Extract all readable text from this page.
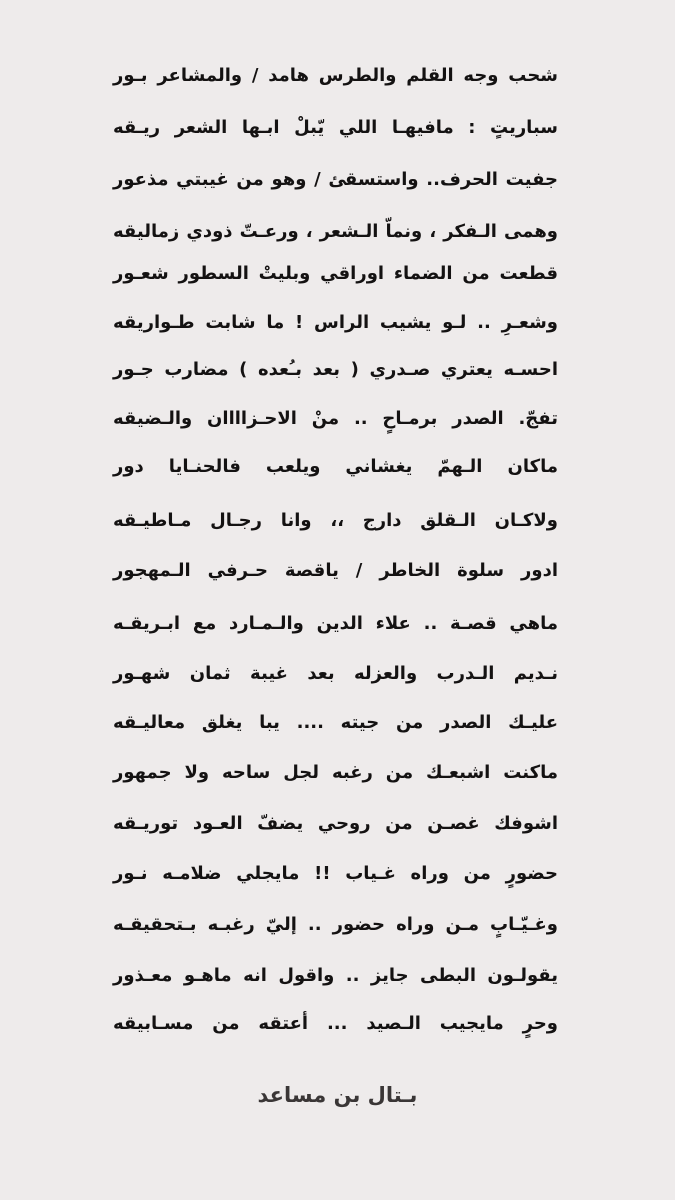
شحب وجه القلم والطرس هامد / والمشاعر بـور
سباريتٍ : مافيهـا اللي يّبلْ ابـها الشعر ريـقه
جفيت الحرف.. واستسقئ / وهو من غيبتي مذعور
وهمى الـفكر ، ونماّ الـشعر ، ورعـتّ ذودي زماليقه
قطعت من الضماء اوراقي وبليتْ السطور شعـور
وشعـرِ .. لـو يشيب الراس ! ما شابت طـواريقه
احسـه يعتري صـدري ( بعد بـُعده ) مضارب جـور
تفجّ. الصدر برمـاحٍ .. منْ الاحـزاااان والـضيقه
ماكان الـهمّ يغشاني ويلعب فالحنـايا دور
ولاكـان الـقلق دارج ،، وانا رجـال مـاطيـقه
ادور سلوة الخاطر / ياقصة حـرفي الـمهجور
ماهي قصـة .. علاء الدين والـمـارد مع ابـريقـه
نـديم الـدرب والعزله بعد غيبة ثمان شهـور
عليـك الصدر من جيته .... يبا يغلق معاليـقه
ماكنت اشبعـك من رغبه لجل ساحه ولا جمهور
اشوفك غصـن من روحي يضفّ العـود توريـقه
حضورٍ من وراه غـياب !! مايجلي ضلامـه نـور
وغـيّـابٍ مـن وراه حضور .. إليّ رغبـه بـتحقيقـه
يقولـون البطى جايز .. واقول انه ماهـو معـذور
وحرٍ مايجيب الـصيد ... أعتقه من مسـابيقه
بـتال بن مساعد
